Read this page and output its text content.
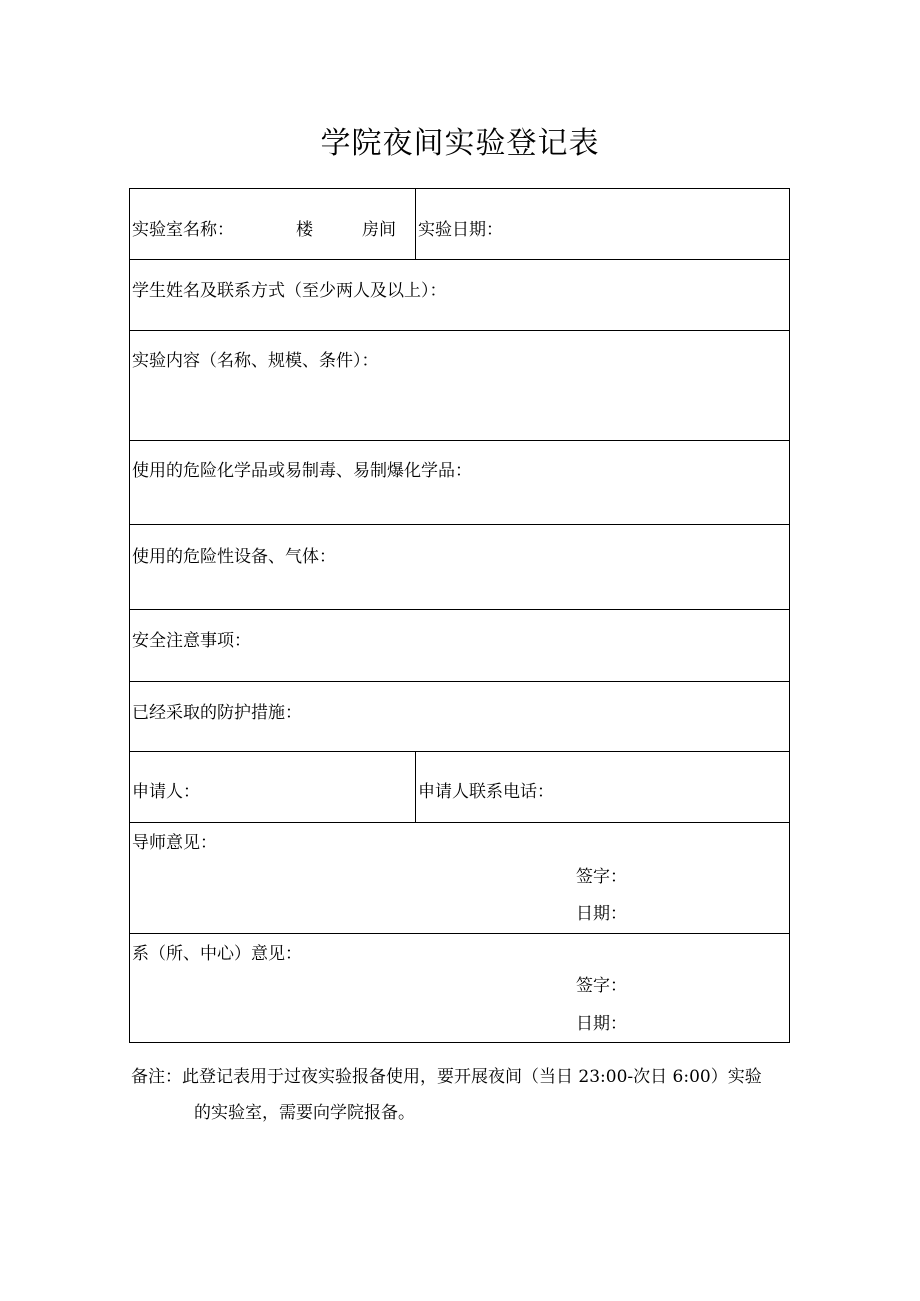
学院夜间实验登记表
实验室名称：	楼	房间 实验日期：
学生姓名及联系方式（至少两人及以上）：
实验内容（名称、规模、条件）：
使用的危险化学品或易制毒、易制爆化学品：
使用的危险性设备、气体：
安全注意事项：
已经采取的防护措施：
申请人：	申请人联系电话：
导师意见：
签字：
日期：
系（所、中心）意见：
签字：
日期：
备注：此登记表用于过夜实验报备使用，要开展夜间（当日 23:00-次日 6:00）实验
的实验室，需要向学院报备。
